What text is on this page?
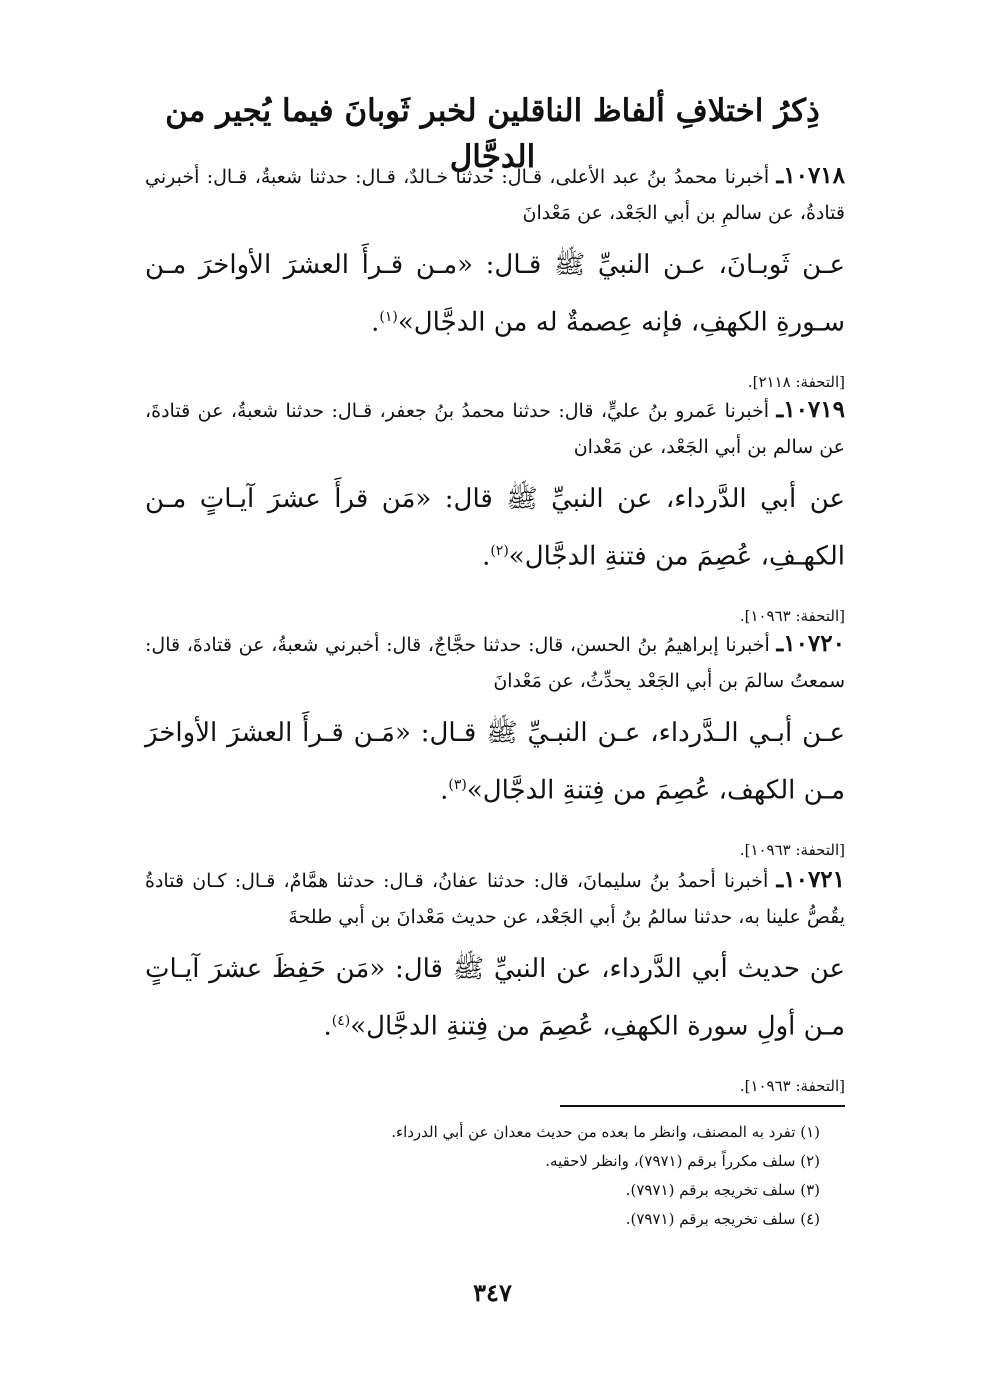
ذِكرُ اختلافِ ألفاظ الناقلين لخبر ثَوبانَ فيما يُجير من الدجَّال

١٠٧١٨ـ أخبرنا محمدُ بنُ عبد الأعلى، قـال: حدثنا خـالدٌ، قـال: حدثنا شعبةُ، قـال: أخبرني قتادةُ، عن سالمِ بن أبي الجَعْد، عن مَعْدانَ

عـن ثَوبـانَ، عـن النبيِّ ﷺ قـال: «مـن قـرأَ العشرَ الأواخرَ مـن سـورةِ الكهفِ، فإنه عِصمةٌ له من الدجَّال»$^{(١)}$.

[التحفة: ٢١١٨].

١٠٧١٩ـ أخبرنا عَمرو بنُ عليٍّ، قال: حدثنا محمدُ بنُ جعفر، قـال: حدثنا شعبةُ، عن قتادةَ، عن سالم بن أبي الجَعْد، عن مَعْدان

عن أبي الدَّرداء، عن النبيِّ ﷺ قال: «مَن قرأَ عشرَ آيـاتٍ مـن الكهـفِ، عُصِمَ من فتنةِ الدجَّال»$^{(٢)}$.

[التحفة: ١٠٩٦٣].

١٠٧٢٠ـ أخبرنا إبراهيمُ بنُ الحسن، قال: حدثنا حجَّاجٌ، قال: أخبرني شعبةُ، عن قتادةَ، قال: سمعتُ سالمَ بن أبي الجَعْد يحدِّثُ، عن مَعْدانَ

عـن أبـي الـدَّرداء، عـن النبـيِّ ﷺ قـال: «مَـن قـرأَ العشرَ الأواخرَ مـن الكهف، عُصِمَ من فِتنةِ الدجَّال»$^{(٣)}$.

[التحفة: ١٠٩٦٣].

١٠٧٢١ـ أخبرنا أحمدُ بنُ سليمانَ، قال: حدثنا عفانُ، قـال: حدثنا همَّامٌ، قـال: كـان قتادةُ يقُصُّ علينا به، حدثنا سالمُ بنُ أبي الجَعْد، عن حديث مَعْدانَ بن أبي طلحةَ

عن حديث أبي الدَّرداء، عن النبيِّ ﷺ قال: «مَن حَفِظَ عشرَ آيـاتٍ مـن أولِ سورة الكهفِ، عُصِمَ من فِتنةِ الدجَّال»$^{(٤)}$.

[التحفة: ١٠٩٦٣].

(١) تفرد به المصنف، وانظر ما بعده من حديث معدان عن أبي الدرداء.

(٢) سلف مكرراً برقم (٧٩٧١)، وانظر لاحقيه.

(٣) سلف تخريجه برقم (٧٩٧١).

(٤) سلف تخريجه برقم (٧٩٧١).

٣٤٧
